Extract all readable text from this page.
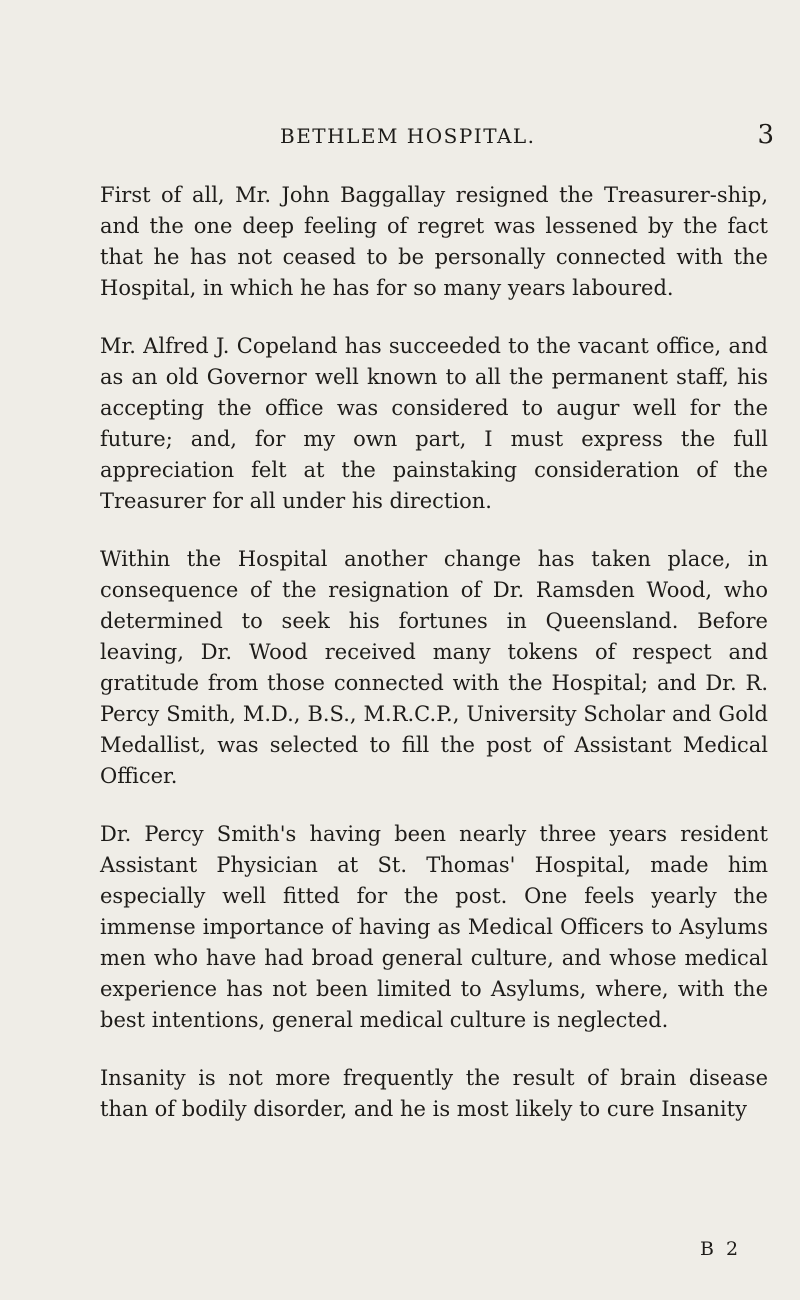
BETHLEM HOSPITAL.	3

First of all, Mr. John Baggallay resigned the Treasurer-ship, and the one deep feeling of regret was lessened by the fact that he has not ceased to be personally connected with the Hospital, in which he has for so many years laboured.

Mr. Alfred J. Copeland has succeeded to the vacant office, and as an old Governor well known to all the permanent staff, his accepting the office was considered to augur well for the future; and, for my own part, I must express the full appreciation felt at the painstaking consideration of the Treasurer for all under his direction.

Within the Hospital another change has taken place, in consequence of the resignation of Dr. Ramsden Wood, who determined to seek his fortunes in Queensland. Before leaving, Dr. Wood received many tokens of respect and gratitude from those connected with the Hospital; and Dr. R. Percy Smith, M.D., B.S., M.R.C.P., University Scholar and Gold Medallist, was selected to fill the post of Assistant Medical Officer.

Dr. Percy Smith's having been nearly three years resident Assistant Physician at St. Thomas' Hospital, made him especially well fitted for the post. One feels yearly the immense importance of having as Medical Officers to Asylums men who have had broad general culture, and whose medical experience has not been limited to Asylums, where, with the best intentions, general medical culture is neglected.

Insanity is not more frequently the result of brain disease than of bodily disorder, and he is most likely to cure Insanity

B 2
